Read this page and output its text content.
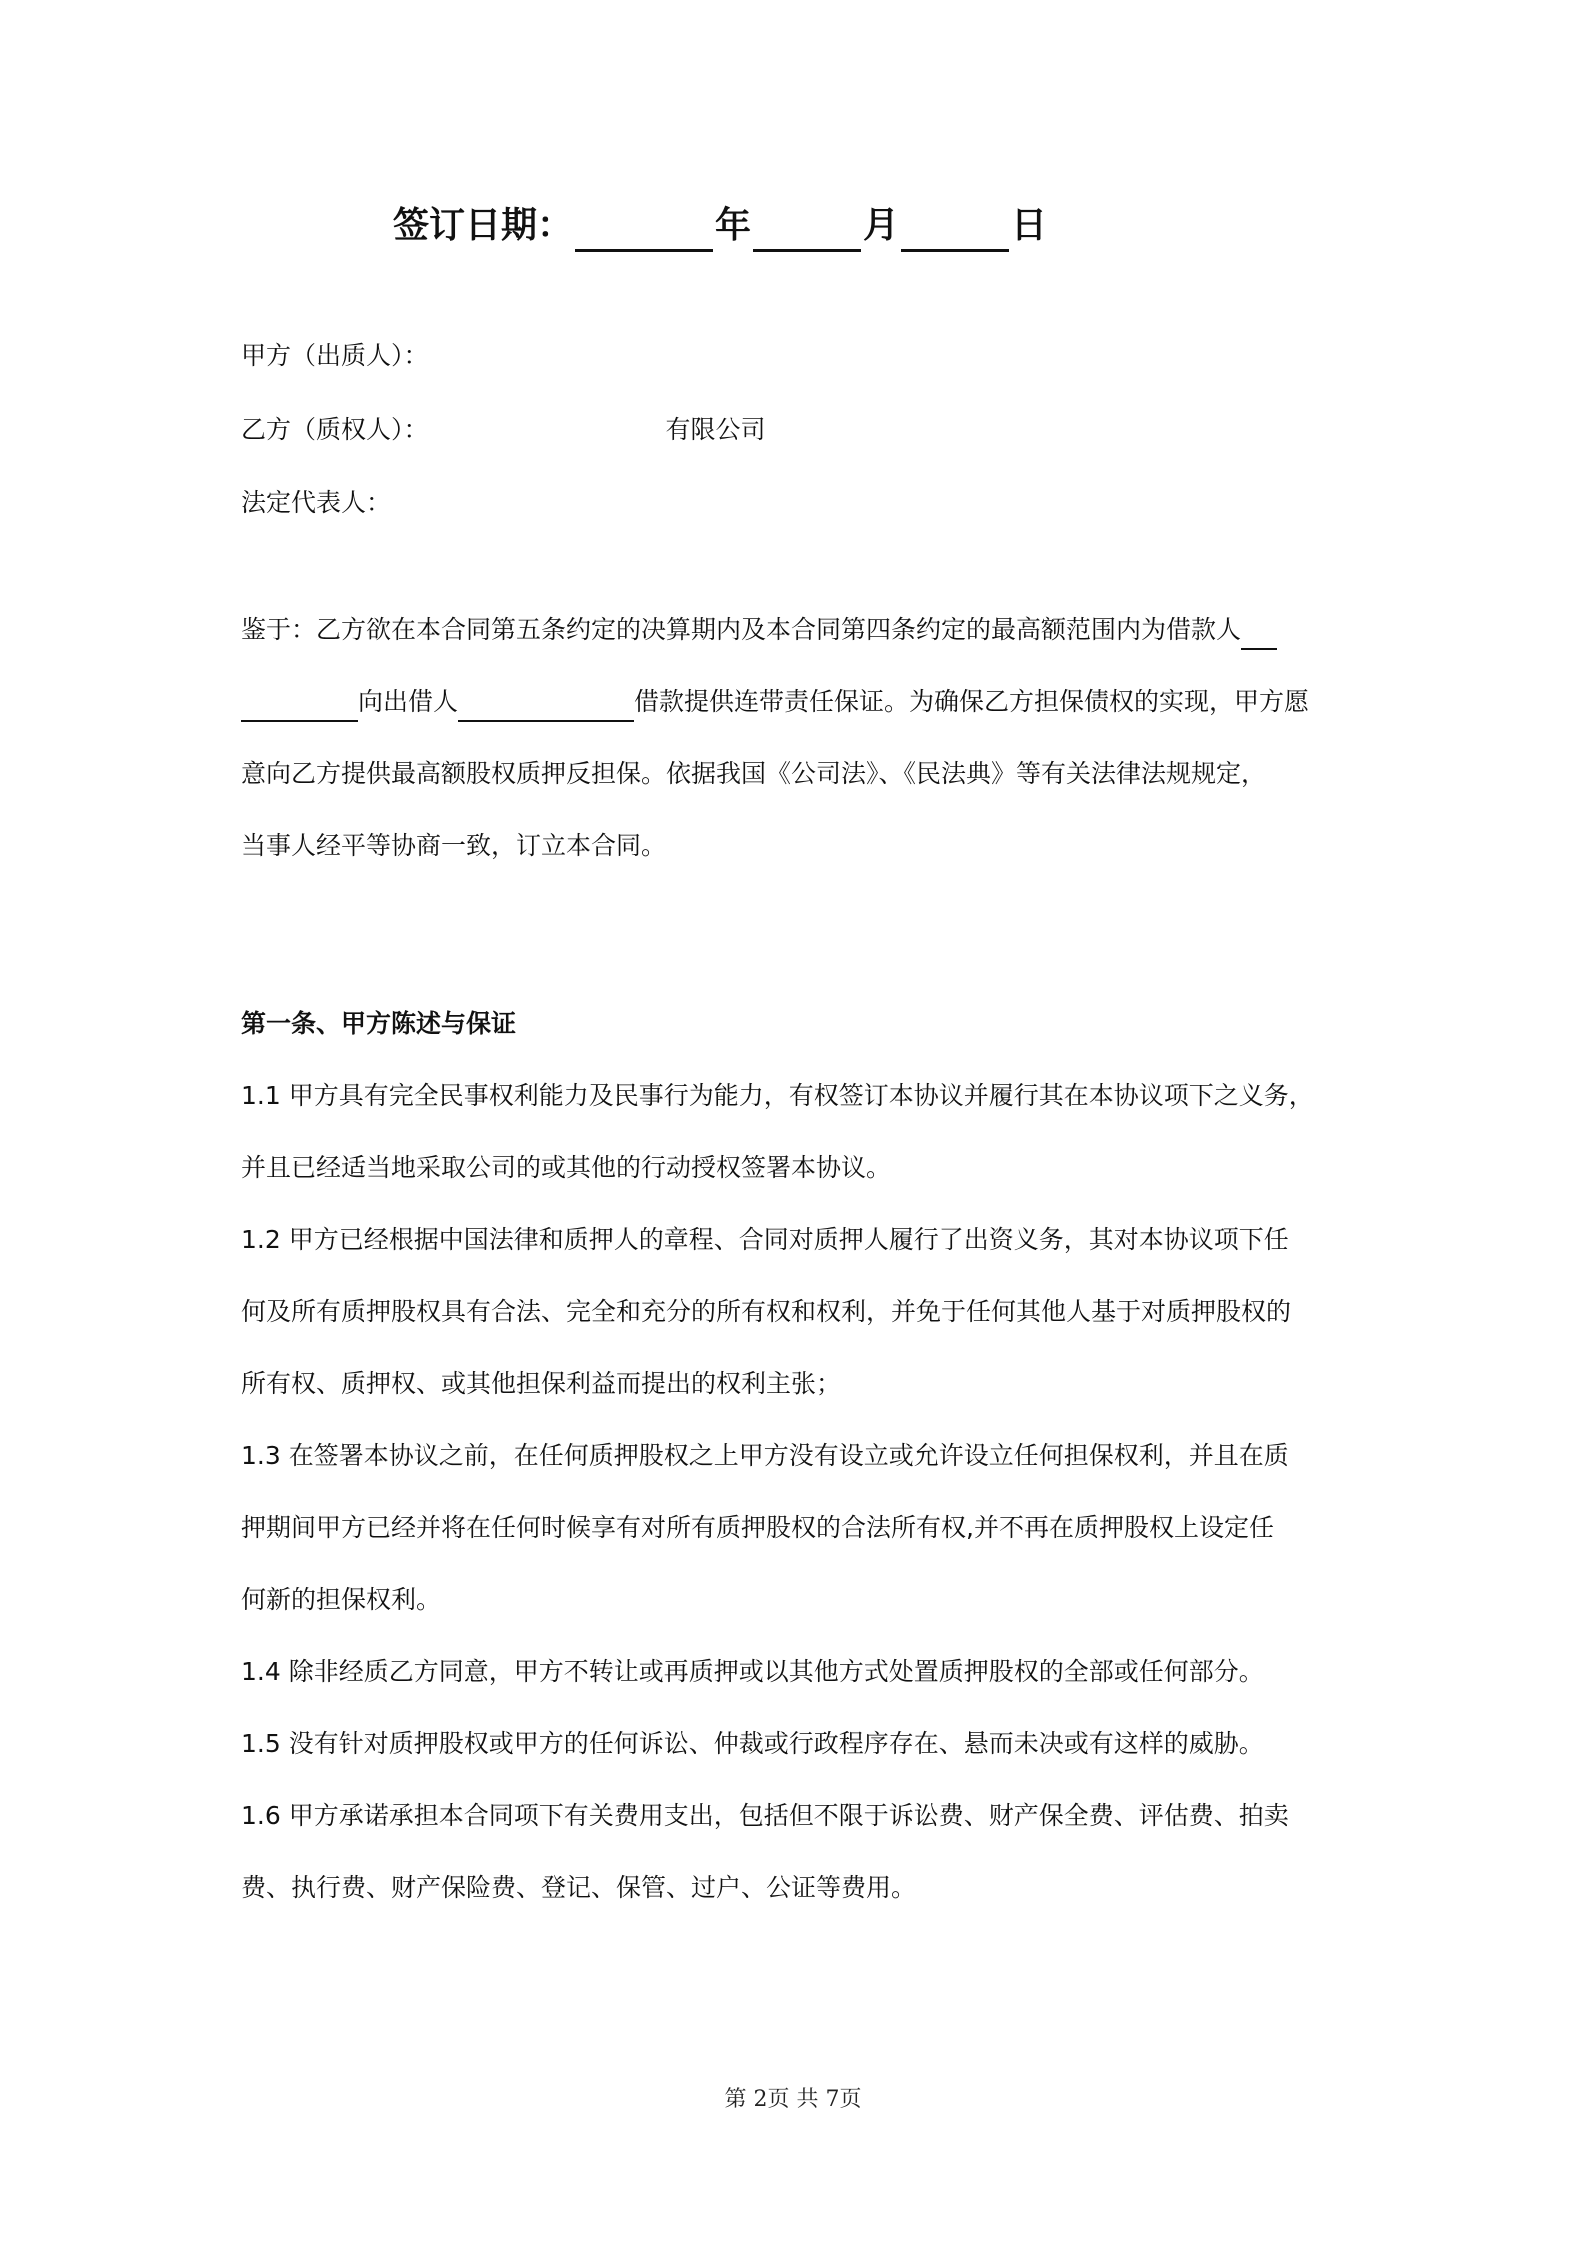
签订日期：	年	月	日
甲方（出质人）：
乙方（质权人）：	有限公司
法定代表人：
鉴于：乙方欲在本合同第五条约定的决算期内及本合同第四条约定的最高额范围内为借款人
向出借人	借款提供连带责任保证。为确保乙方担保债权的实现，甲方愿
意向乙方提供最高额股权质押反担保。依据我国《公司法》、《民法典》等有关法律法规规定，
当事人经平等协商一致，订立本合同。
第一条、甲方陈述与保证
1.1 甲方具有完全民事权利能力及民事行为能力，有权签订本协议并履行其在本协议项下之义务，
并且已经适当地采取公司的或其他的行动授权签署本协议。
1.2 甲方已经根据中国法律和质押人的章程、合同对质押人履行了出资义务，其对本协议项下任
何及所有质押股权具有合法、完全和充分的所有权和权利，并免于任何其他人基于对质押股权的
所有权、质押权、或其他担保利益而提出的权利主张；
1.3 在签署本协议之前，在任何质押股权之上甲方没有设立或允许设立任何担保权利，并且在质
押期间甲方已经并将在任何时候享有对所有质押股权的合法所有权,并不再在质押股权上设定任
何新的担保权利。
1.4 除非经质乙方同意，甲方不转让或再质押或以其他方式处置质押股权的全部或任何部分。
1.5 没有针对质押股权或甲方的任何诉讼、仲裁或行政程序存在、悬而未决或有这样的威胁。
1.6 甲方承诺承担本合同项下有关费用支出，包括但不限于诉讼费、财产保全费、评估费、拍卖
费、执行费、财产保险费、登记、保管、过户、公证等费用。
第 2页 共 7页
